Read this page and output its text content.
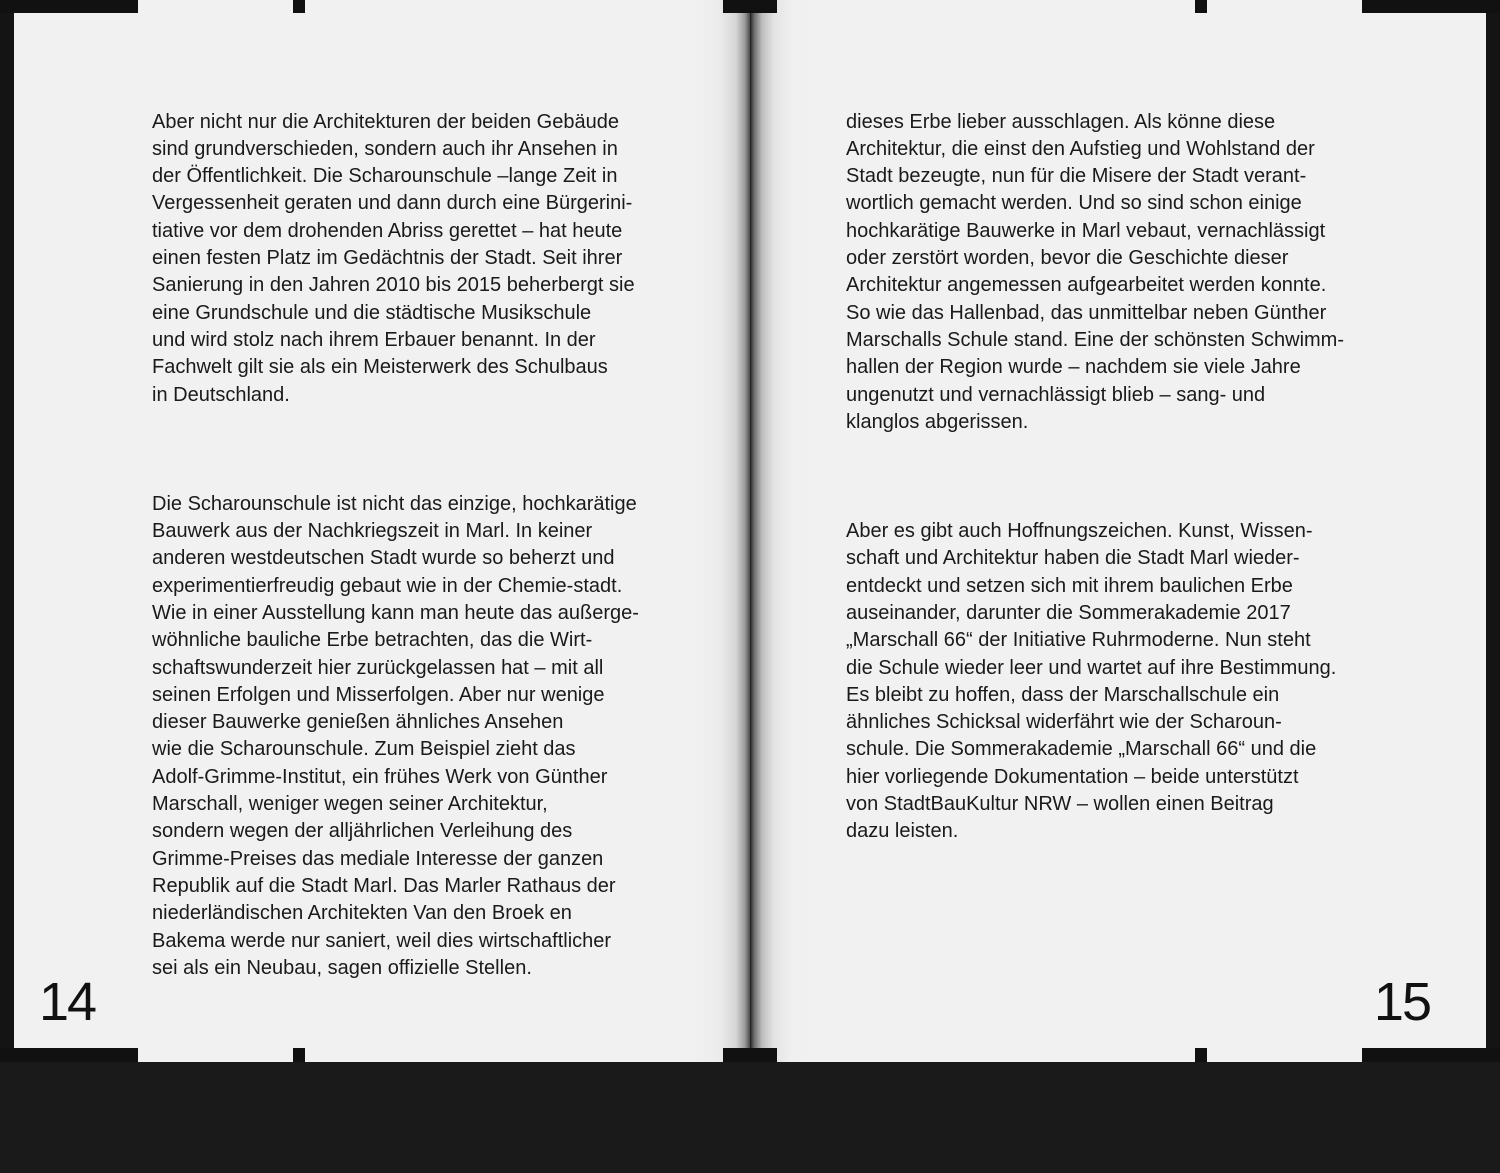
Aber nicht nur die Architekturen der beiden Gebäude
sind grundverschieden, sondern auch ihr Ansehen in
der Öffentlichkeit. Die Scharounschule –lange Zeit in
Vergessenheit geraten und dann durch eine Bürgerini-
tiative vor dem drohenden Abriss gerettet – hat heute
einen festen Platz im Gedächtnis der Stadt. Seit ihrer
Sanierung in den Jahren 2010 bis 2015 beherbergt sie
eine Grundschule und die städtische Musikschule
und wird stolz nach ihrem Erbauer benannt. In der
Fachwelt gilt sie als ein Meisterwerk des Schulbaus
in Deutschland.

Die Scharounschule ist nicht das einzige, hochkarätige
Bauwerk aus der Nachkriegszeit in Marl. In keiner
anderen westdeutschen Stadt wurde so beherzt und
experimentierfreudig gebaut wie in der Chemie-stadt.
Wie in einer Ausstellung kann man heute das außerge-
wöhnliche bauliche Erbe betrachten, das die Wirt-
schaftswunderzeit hier zurückgelassen hat – mit all
seinen Erfolgen und Misserfolgen. Aber nur wenige
dieser Bauwerke genießen ähnliches Ansehen
wie die Scharounschule. Zum Beispiel zieht das
Adolf-Grimme-Institut, ein frühes Werk von Günther
Marschall, weniger wegen seiner Architektur,
sondern wegen der alljährlichen Verleihung des
Grimme-Preises das mediale Interesse der ganzen
Republik auf die Stadt Marl. Das Marler Rathaus der
niederländischen Architekten Van den Broek en
Bakema werde nur saniert, weil dies wirtschaftlicher
sei als ein Neubau, sagen offizielle Stellen.

Stolz ist man hier nicht auf sein bauliches Erbe. Viele
Marler und Marlerinnen würden, wenn sie könnten,

14

dieses Erbe lieber ausschlagen. Als könne diese
Architektur, die einst den Aufstieg und Wohlstand der
Stadt bezeugte, nun für die Misere der Stadt verant-
wortlich gemacht werden. Und so sind schon einige
hochkarätige Bauwerke in Marl vebaut, vernachlässigt
oder zerstört worden, bevor die Geschichte dieser
Architektur angemessen aufgearbeitet werden konnte.
So wie das Hallenbad, das unmittelbar neben Günther
Marschalls Schule stand. Eine der schönsten Schwimm-
hallen der Region wurde – nachdem sie viele Jahre
ungenutzt und vernachlässigt blieb – sang- und
klanglos abgerissen.

Aber es gibt auch Hoffnungszeichen. Kunst, Wissen-
schaft und Architektur haben die Stadt Marl wieder-
entdeckt und setzen sich mit ihrem baulichen Erbe
auseinander, darunter die Sommerakademie 2017
„Marschall 66“ der Initiative Ruhrmoderne. Nun steht
die Schule wieder leer und wartet auf ihre Bestimmung.
Es bleibt zu hoffen, dass der Marschallschule ein
ähnliches Schicksal widerfährt wie der Scharoun-
schule. Die Sommerakademie „Marschall 66“ und die
hier vorliegende Dokumentation – beide unterstützt
von StadtBauKultur NRW – wollen einen Beitrag
dazu leisten.

15
